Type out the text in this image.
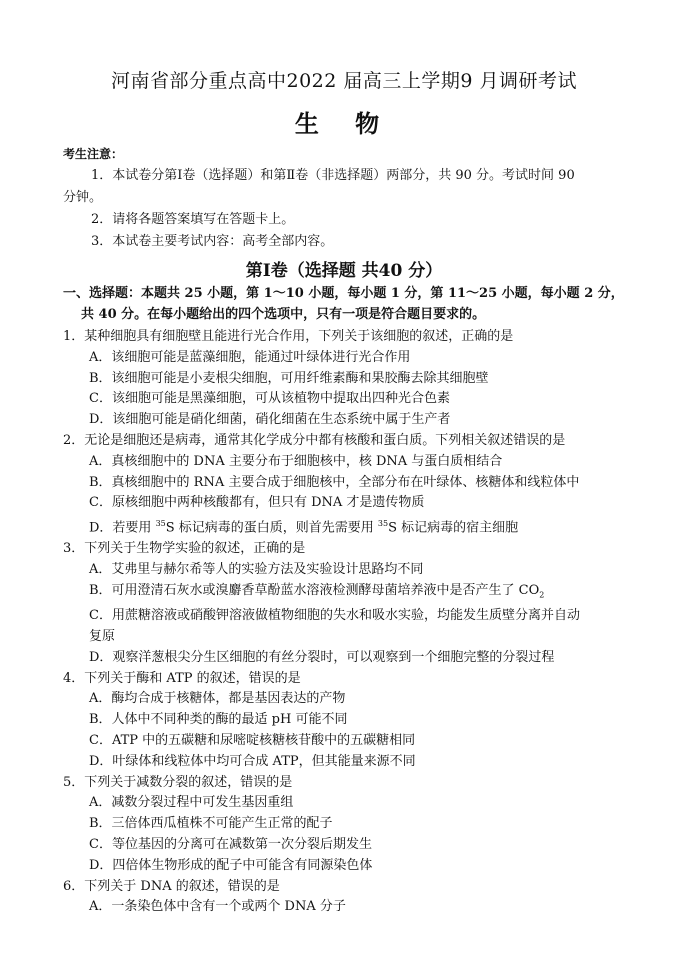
河南省部分重点高中2022 届高三上学期9 月调研考试
生 物
考生注意：
1．本试卷分第Ⅰ卷（选择题）和第Ⅱ卷（非选择题）两部分，共 90 分。考试时间 90
分钟。
2．请将各题答案填写在答题卡上。
3．本试卷主要考试内容：高考全部内容。
第Ⅰ卷（选择题 共40 分）
一、选择题：本题共 25 小题，第 1～10 小题，每小题 1 分，第 11～25 小题，每小题 2 分，
共 40 分。在每小题给出的四个选项中，只有一项是符合题目要求的。
1．某种细胞具有细胞壁且能进行光合作用，下列关于该细胞的叙述，正确的是
A．该细胞可能是蓝藻细胞，能通过叶绿体进行光合作用
B．该细胞可能是小麦根尖细胞，可用纤维素酶和果胶酶去除其细胞壁
C．该细胞可能是黑藻细胞，可从该植物中提取出四种光合色素
D．该细胞可能是硝化细菌，硝化细菌在生态系统中属于生产者
2．无论是细胞还是病毒，通常其化学成分中都有核酸和蛋白质。下列相关叙述错误的是
A．真核细胞中的 DNA 主要分布于细胞核中，核 DNA 与蛋白质相结合
B．真核细胞中的 RNA 主要合成于细胞核中，全部分布在叶绿体、核糖体和线粒体中
C．原核细胞中两种核酸都有，但只有 DNA 才是遗传物质
D．若要用 $^{35}$S 标记病毒的蛋白质，则首先需要用 $^{35}$S 标记病毒的宿主细胞
3．下列关于生物学实验的叙述，正确的是
A．艾弗里与赫尔希等人的实验方法及实验设计思路均不同
B．可用澄清石灰水或溴麝香草酚蓝水溶液检测酵母菌培养液中是否产生了 $CO_2$
C．用蔗糖溶液或硝酸钾溶液做植物细胞的失水和吸水实验，均能发生质壁分离并自动
复原
D．观察洋葱根尖分生区细胞的有丝分裂时，可以观察到一个细胞完整的分裂过程
4．下列关于酶和 ATP 的叙述，错误的是
A．酶均合成于核糖体，都是基因表达的产物
B．人体中不同种类的酶的最适 pH 可能不同
C．ATP 中的五碳糖和尿嘧啶核糖核苷酸中的五碳糖相同
D．叶绿体和线粒体中均可合成 ATP，但其能量来源不同
5．下列关于减数分裂的叙述，错误的是
A．减数分裂过程中可发生基因重组
B．三倍体西瓜植株不可能产生正常的配子
C．等位基因的分离可在减数第一次分裂后期发生
D．四倍体生物形成的配子中可能含有同源染色体
6．下列关于 DNA 的叙述，错误的是
A．一条染色体中含有一个或两个 DNA 分子
